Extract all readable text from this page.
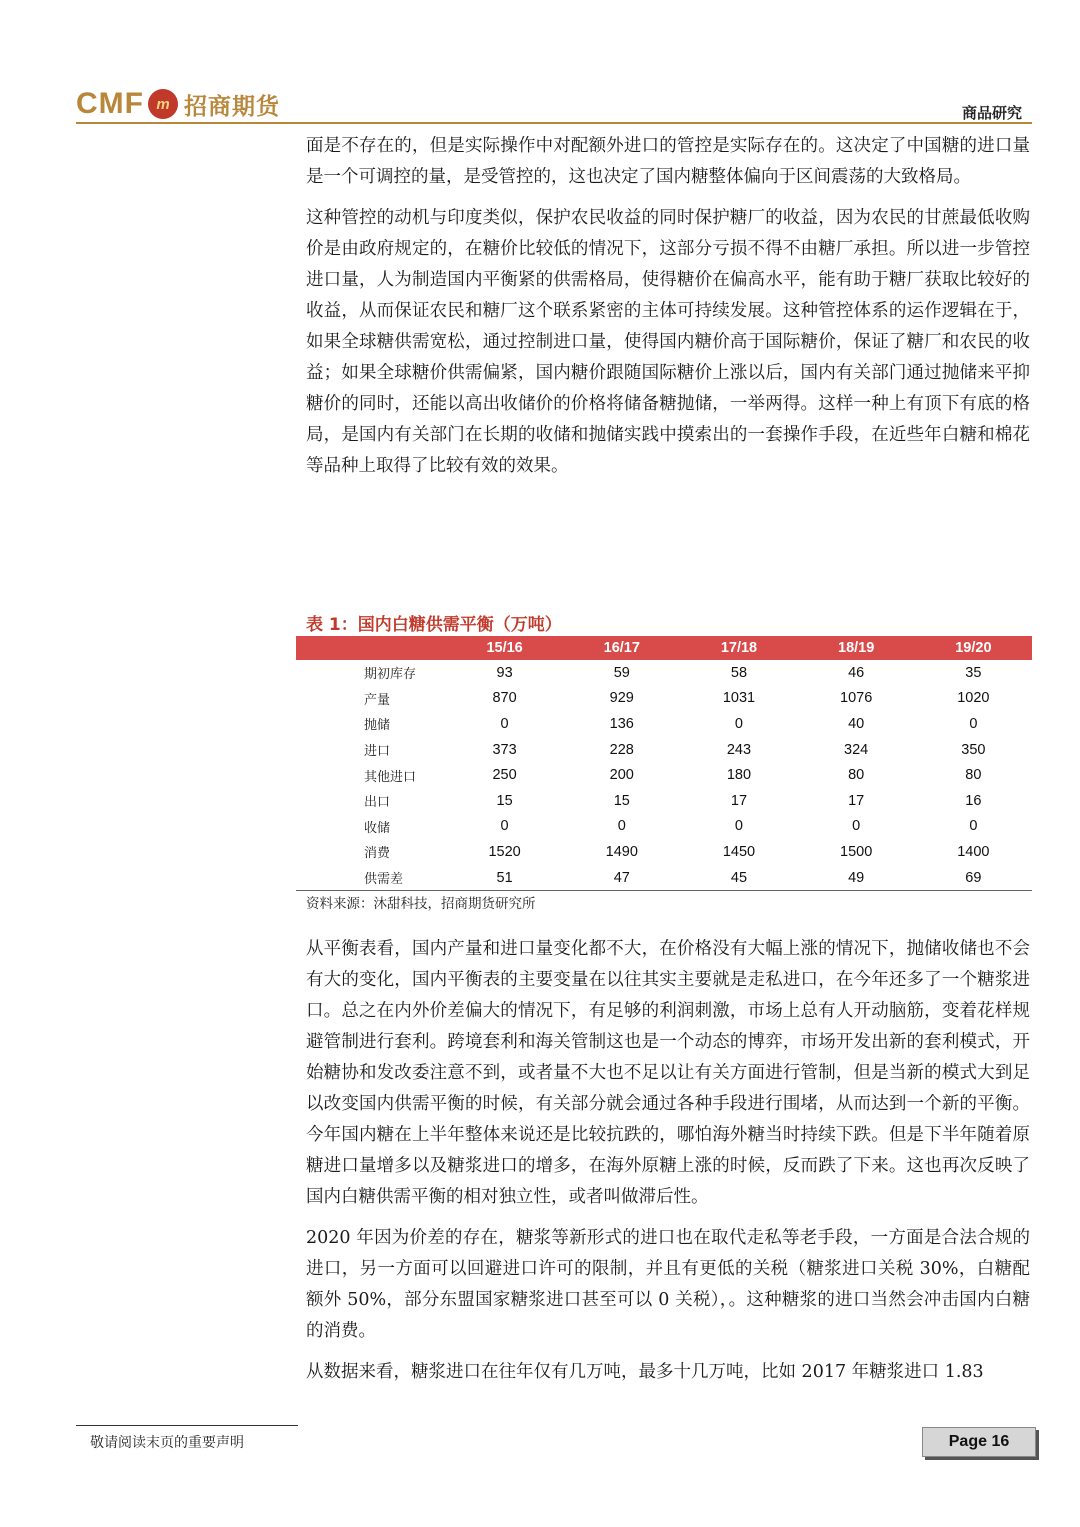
CMF m 招商期货	商品研究

面是不存在的，但是实际操作中对配额外进口的管控是实际存在的。这决定了中国糖的进口量是一个可调控的量，是受管控的，这也决定了国内糖整体偏向于区间震荡的大致格局。

这种管控的动机与印度类似，保护农民收益的同时保护糖厂的收益，因为农民的甘蔗最低收购价是由政府规定的，在糖价比较低的情况下，这部分亏损不得不由糖厂承担。所以进一步管控进口量，人为制造国内平衡紧的供需格局，使得糖价在偏高水平，能有助于糖厂获取比较好的收益，从而保证农民和糖厂这个联系紧密的主体可持续发展。这种管控体系的运作逻辑在于，如果全球糖供需宽松，通过控制进口量，使得国内糖价高于国际糖价，保证了糖厂和农民的收益；如果全球糖价供需偏紧，国内糖价跟随国际糖价上涨以后，国内有关部门通过抛储来平抑糖价的同时，还能以高出收储价的价格将储备糖抛储，一举两得。这样一种上有顶下有底的格局，是国内有关部门在长期的收储和抛储实践中摸索出的一套操作手段，在近些年白糖和棉花等品种上取得了比较有效的效果。

表 1：国内白糖供需平衡（万吨）
	15/16	16/17	17/18	18/19	19/20
期初库存	93	59	58	46	35
产量	870	929	1031	1076	1020
抛储	0	136	0	40	0
进口	373	228	243	324	350
其他进口	250	200	180	80	80
出口	15	15	17	17	16
收储	0	0	0	0	0
消费	1520	1490	1450	1500	1400
供需差	51	47	45	49	69
资料来源：沐甜科技，招商期货研究所

从平衡表看，国内产量和进口量变化都不大，在价格没有大幅上涨的情况下，抛储收储也不会有大的变化，国内平衡表的主要变量在以往其实主要就是走私进口，在今年还多了一个糖浆进口。总之在内外价差偏大的情况下，有足够的利润刺激，市场上总有人开动脑筋，变着花样规避管制进行套利。跨境套利和海关管制这也是一个动态的博弈，市场开发出新的套利模式，开始糖协和发改委注意不到，或者量不大也不足以让有关方面进行管制，但是当新的模式大到足以改变国内供需平衡的时候，有关部分就会通过各种手段进行围堵，从而达到一个新的平衡。今年国内糖在上半年整体来说还是比较抗跌的，哪怕海外糖当时持续下跌。但是下半年随着原糖进口量增多以及糖浆进口的增多，在海外原糖上涨的时候，反而跌了下来。这也再次反映了国内白糖供需平衡的相对独立性，或者叫做滞后性。

2020 年因为价差的存在，糖浆等新形式的进口也在取代走私等老手段，一方面是合法合规的进口，另一方面可以回避进口许可的限制，并且有更低的关税（糖浆进口关税 30%，白糖配额外 50%，部分东盟国家糖浆进口甚至可以 0 关税），。这种糖浆的进口当然会冲击国内白糖的消费。

从数据来看，糖浆进口在往年仅有几万吨，最多十几万吨，比如 2017 年糖浆进口 1.83

敬请阅读末页的重要声明	Page 16
